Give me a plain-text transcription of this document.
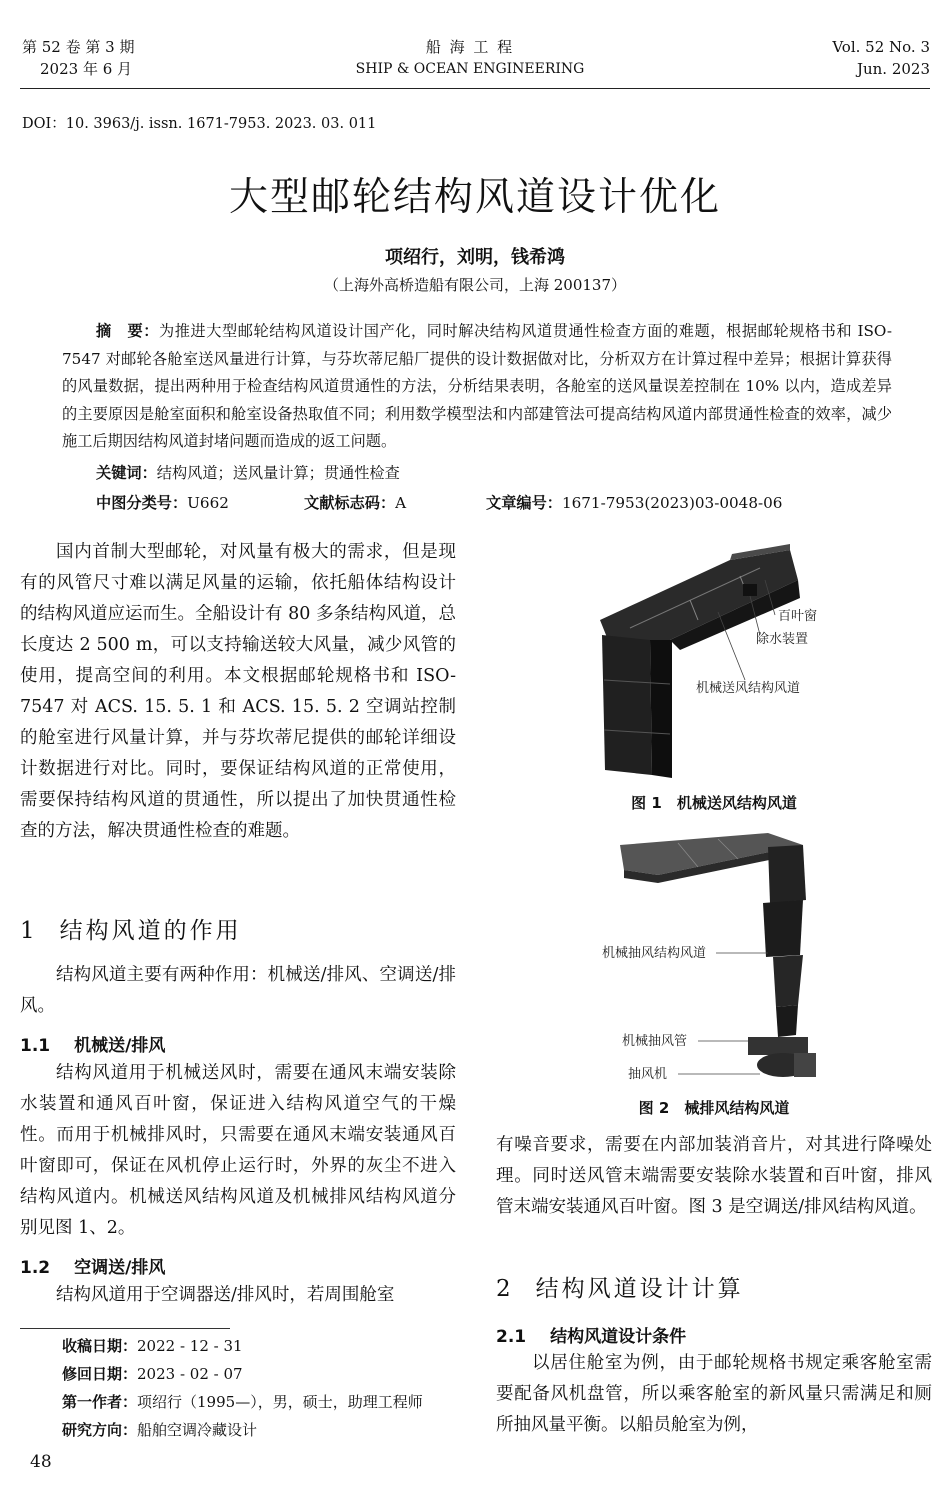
第 52 卷 第 3 期
2023 年 6 月
船 海 工 程
SHIP & OCEAN ENGINEERING
Vol. 52 No. 3
Jun. 2023
DOI：10. 3963/j. issn. 1671-7953. 2023. 03. 011
大型邮轮结构风道设计优化
项绍行，刘明，钱希鸿
（上海外高桥造船有限公司，上海 200137）
摘　要：为推进大型邮轮结构风道设计国产化，同时解决结构风道贯通性检查方面的难题，根据邮轮规格书和 ISO-7547 对邮轮各舱室送风量进行计算，与芬坎蒂尼船厂提供的设计数据做对比，分析双方在计算过程中差异；根据计算获得的风量数据，提出两种用于检查结构风道贯通性的方法，分析结果表明，各舱室的送风量误差控制在 10% 以内，造成差异的主要原因是舱室面积和舱室设备热取值不同；利用数学模型法和内部建管法可提高结构风道内部贯通性检查的效率，减少施工后期因结构风道封堵问题而造成的返工问题。
关键词：结构风道；送风量计算；贯通性检查
中图分类号：U662	文献标志码：A	文章编号：1671-7953(2023)03-0048-06
国内首制大型邮轮，对风量有极大的需求，但是现有的风管尺寸难以满足风量的运输，依托船体结构设计的结构风道应运而生。全船设计有 80 多条结构风道，总长度达 2 500 m，可以支持输送较大风量，减少风管的使用，提高空间的利用。本文根据邮轮规格书和 ISO-7547 对 ACS. 15. 5. 1 和 ACS. 15. 5. 2 空调站控制的舱室进行风量计算，并与芬坎蒂尼提供的邮轮详细设计数据进行对比。同时，要保证结构风道的正常使用，需要保持结构风道的贯通性，所以提出了加快贯通性检查的方法，解决贯通性检查的难题。
1 结构风道的作用
结构风道主要有两种作用：机械送/排风、空调送/排风。
1.1 机械送/排风
结构风道用于机械送风时，需要在通风末端安装除水装置和通风百叶窗，保证进入结构风道空气的干燥性。而用于机械排风时，只需要在通风末端安装通风百叶窗即可，保证在风机停止运行时，外界的灰尘不进入结构风道内。机械送风结构风道及机械排风结构风道分别见图 1、2。
1.2 空调送/排风
结构风道用于空调器送/排风时，若周围舱室
百叶窗
除水装置
机械送风结构风道
图 1　机械送风结构风道
机械抽风结构风道
机械抽风管
抽风机
图 2　械排风结构风道
有噪音要求，需要在内部加装消音片，对其进行降噪处理。同时送风管末端需要安装除水装置和百叶窗，排风管末端安装通风百叶窗。图 3 是空调送/排风结构风道。
2 结构风道设计计算
2.1 结构风道设计条件
以居住舱室为例，由于邮轮规格书规定乘客舱室需要配备风机盘管，所以乘客舱室的新风量只需满足和厕所抽风量平衡。以船员舱室为例，
收稿日期：2022 - 12 - 31
修回日期：2023 - 02 - 07
第一作者：项绍行（1995—），男，硕士，助理工程师
研究方向：船舶空调冷藏设计
48
